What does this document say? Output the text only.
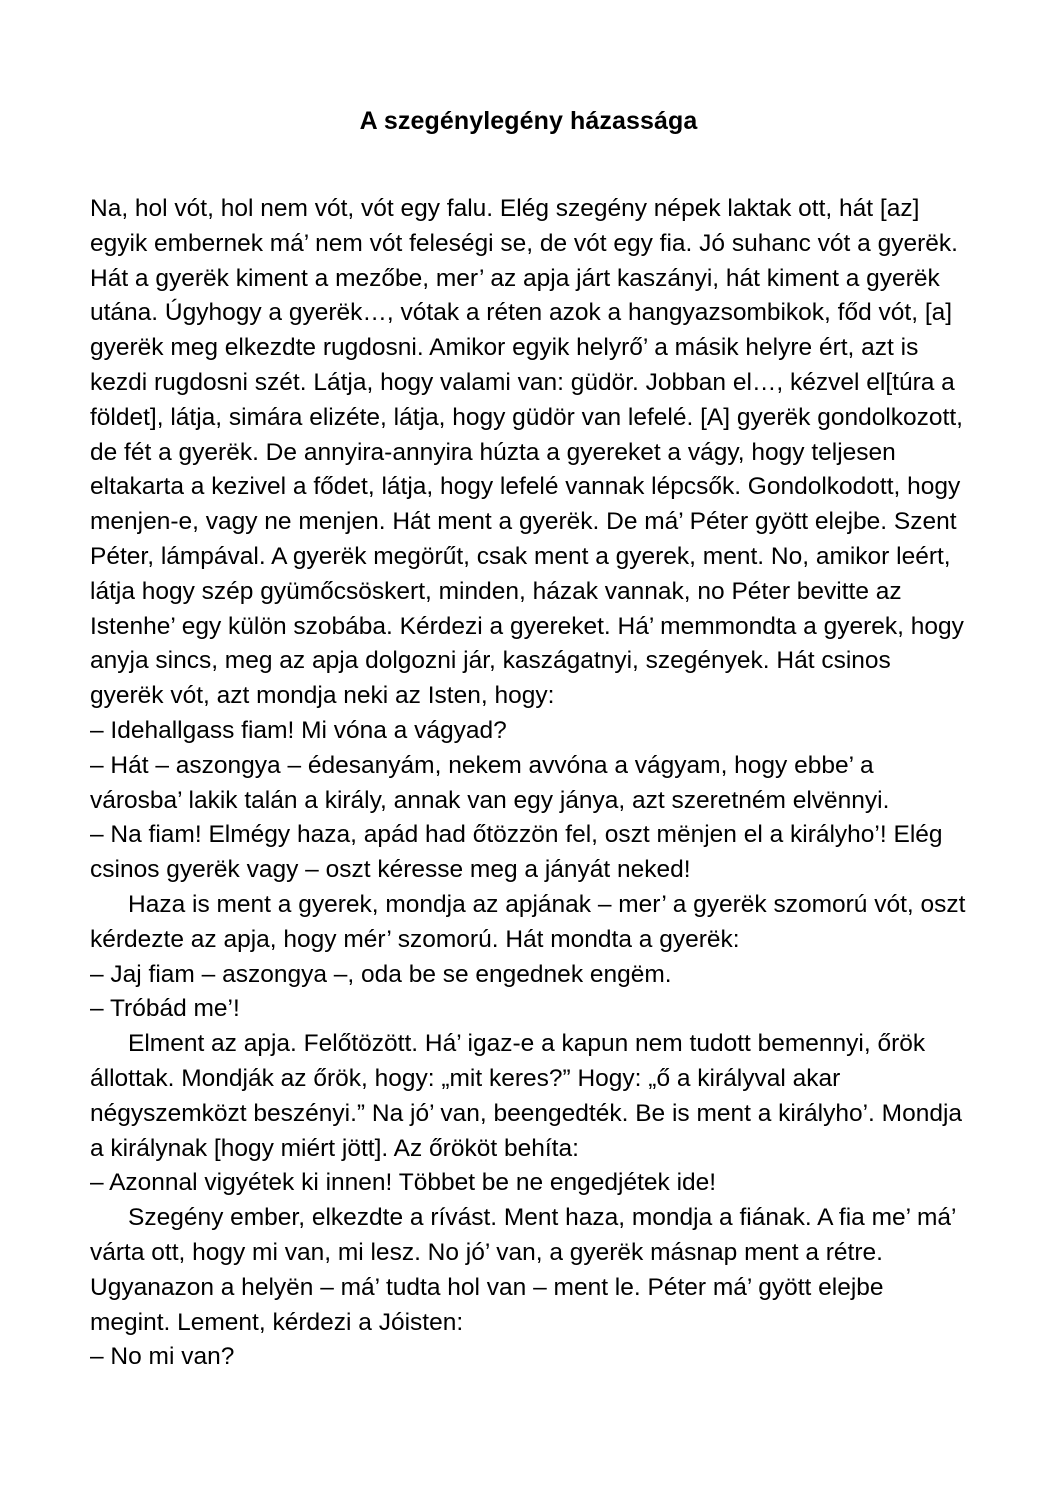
A szegénylegény házassága

Na, hol vót, hol nem vót, vót egy falu. Elég szegény népek laktak ott, hát [az] egyik embernek má’ nem vót feleségi se, de vót egy fia. Jó suhanc vót a gyerëk. Hát a gyerëk kiment a mezőbe, mer’ az apja járt kaszányi, hát kiment a gyerëk utána. Úgyhogy a gyerëk…, vótak a réten azok a hangyazsombikok, főd vót, [a] gyerëk meg elkezdte rugdosni. Amikor egyik helyrő’ a másik helyre ért, azt is kezdi rugdosni szét. Látja, hogy valami van: güdör. Jobban el…, kézvel el[túra a földet], látja, simára elizéte, látja, hogy güdör van lefelé. [A] gyerëk gondolkozott, de fét a gyerëk. De annyira-annyira húzta a gyereket a vágy, hogy teljesen eltakarta a kezivel a fődet, látja, hogy lefelé vannak lépcsők. Gondolkodott, hogy menjen-e, vagy ne menjen. Hát ment a gyerëk. De má’ Péter gyött elejbe. Szent Péter, lámpával. A gyerëk megörűt, csak ment a gyerek, ment. No, amikor leért, látja hogy szép gyümőcsöskert, minden, házak vannak, no Péter bevitte az Istenhe’ egy külön szobába. Kérdezi a gyereket. Há’ memmondta a gyerek, hogy anyja sincs, meg az apja dolgozni jár, kaszágatnyi, szegények. Hát csinos gyerëk vót, azt mondja neki az Isten, hogy:

– Idehallgass fiam! Mi vóna a vágyad?

– Hát – aszongya – édesanyám, nekem avvóna a vágyam, hogy ebbe’ a városba’ lakik talán a király, annak van egy jánya, azt szeretném elvënnyi.

– Na fiam! Elmégy haza, apád had őtözzön fel, oszt mënjen el a királyho’! Elég csinos gyerëk vagy – oszt kéresse meg a jányát neked!

Haza is ment a gyerek, mondja az apjának – mer’ a gyerëk szomorú vót, oszt kérdezte az apja, hogy mér’ szomorú. Hát mondta a gyerëk:

– Jaj fiam – aszongya –, oda be se engednek engëm.

– Tróbád me’!

Elment az apja. Felőtözött. Há’ igaz-e a kapun nem tudott bemennyi, őrök állottak. Mondják az őrök, hogy: „mit keres?” Hogy: „ő a királyval akar négyszemközt beszényi.” Na jó’ van, beengedték. Be is ment a királyho’. Mondja a királynak [hogy miért jött]. Az őrököt behíta:

– Azonnal vigyétek ki innen! Többet be ne engedjétek ide!

Szegény ember, elkezdte a rívást. Ment haza, mondja a fiának. A fia me’ má’ várta ott, hogy mi van, mi lesz. No jó’ van, a gyerëk másnap ment a rétre. Ugyanazon a helyën – má’ tudta hol van – ment le. Péter má’ gyött elejbe megint. Lement, kérdezi a Jóisten:

– No mi van?
